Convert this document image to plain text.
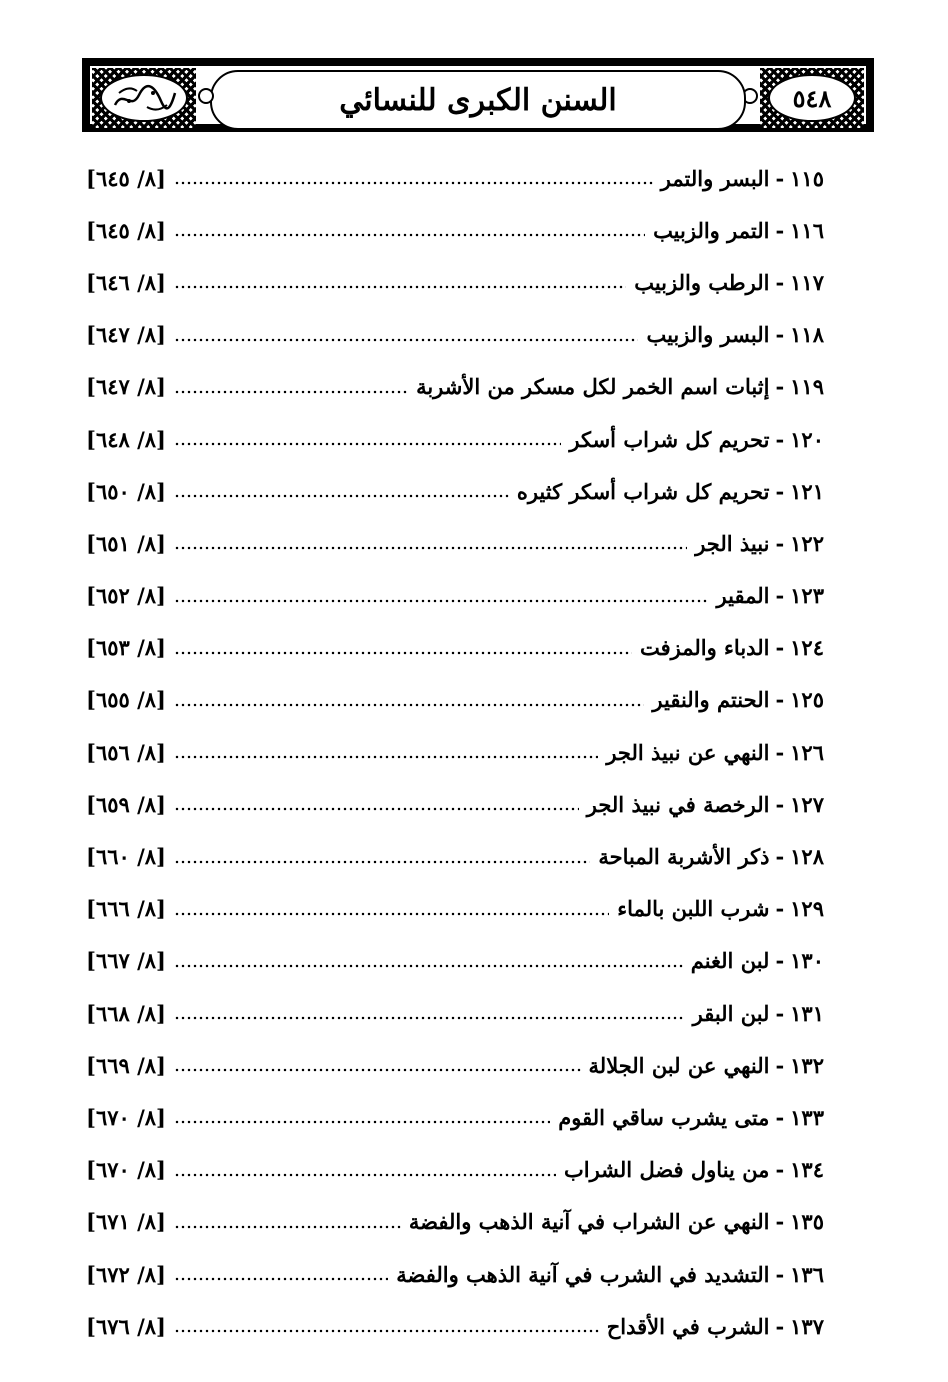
٥٤٨
السنن الكبرى للنسائي
١١٥
-
البسر والتمر
[٨/ ٦٤٥]
١١٦
-
التمر والزبيب
[٨/ ٦٤٥]
١١٧
-
الرطب والزبيب
[٨/ ٦٤٦]
١١٨
-
البسر والزبيب
[٨/ ٦٤٧]
١١٩
-
إثبات اسم الخمر لكل مسكر من الأشربة
[٨/ ٦٤٧]
١٢٠
-
تحريم كل شراب أسكر
[٨/ ٦٤٨]
١٢١
-
تحريم كل شراب أسكر كثيره
[٨/ ٦٥٠]
١٢٢
-
نبيذ الجر
[٨/ ٦٥١]
١٢٣
-
المقير
[٨/ ٦٥٢]
١٢٤
-
الدباء والمزفت
[٨/ ٦٥٣]
١٢٥
-
الحنتم والنقير
[٨/ ٦٥٥]
١٢٦
-
النهي عن نبيذ الجر
[٨/ ٦٥٦]
١٢٧
-
الرخصة في نبيذ الجر
[٨/ ٦٥٩]
١٢٨
-
ذكر الأشربة المباحة
[٨/ ٦٦٠]
١٢٩
-
شرب اللبن بالماء
[٨/ ٦٦٦]
١٣٠
-
لبن الغنم
[٨/ ٦٦٧]
١٣١
-
لبن البقر
[٨/ ٦٦٨]
١٣٢
-
النهي عن لبن الجلالة
[٨/ ٦٦٩]
١٣٣
-
متى يشرب ساقي القوم
[٨/ ٦٧٠]
١٣٤
-
من يناول فضل الشراب
[٨/ ٦٧٠]
١٣٥
-
النهي عن الشراب في آنية الذهب والفضة
[٨/ ٦٧١]
١٣٦
-
التشديد في الشرب في آنية الذهب والفضة
[٨/ ٦٧٢]
١٣٧
-
الشرب في الأقداح
[٨/ ٦٧٦]
